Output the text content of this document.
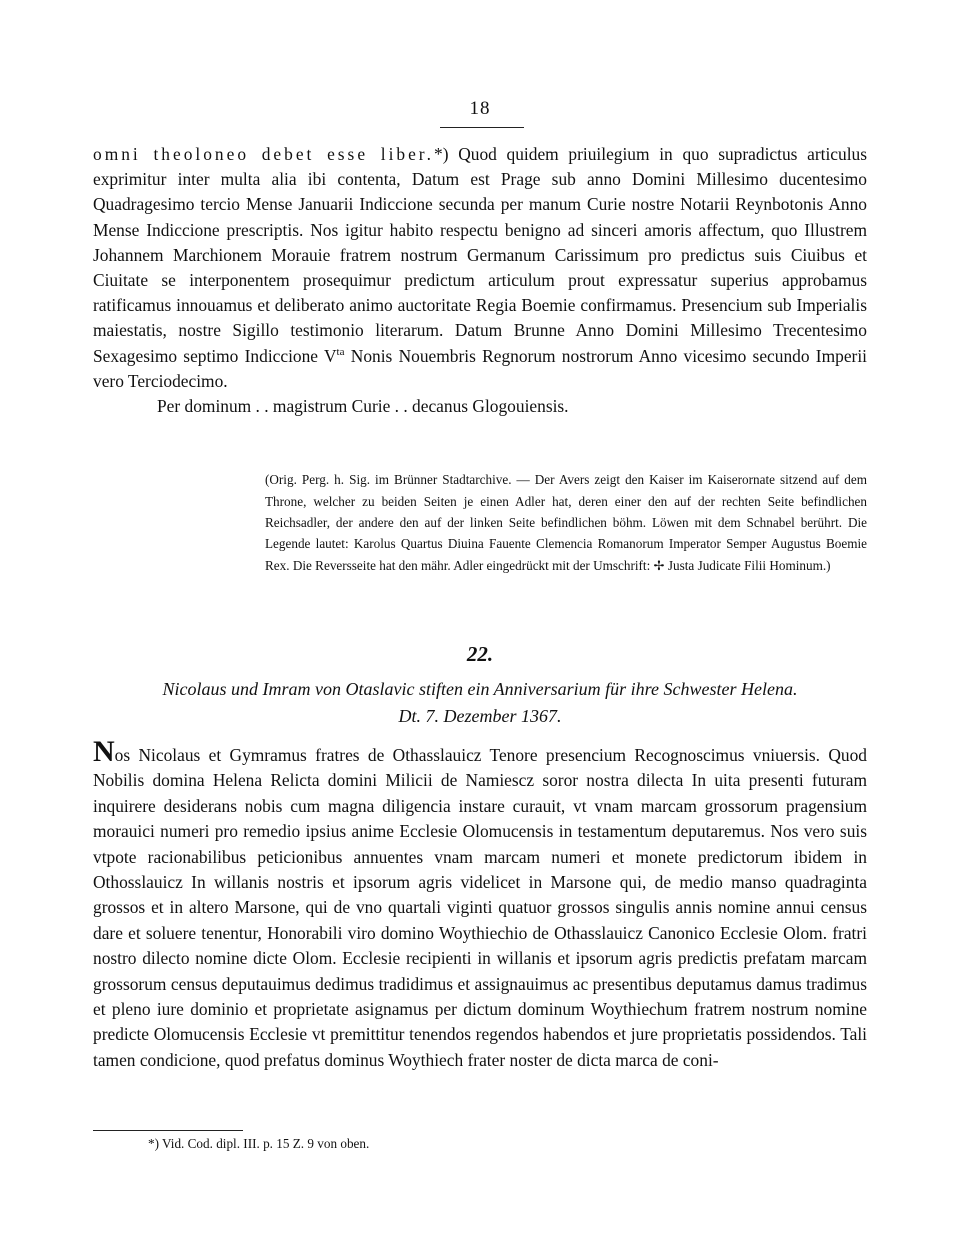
18

omni theoloneo debet esse liber.*) Quod quidem priuilegium in quo supradictus articulus exprimitur inter multa alia ibi contenta, Datum est Prage sub anno Domini Millesimo ducentesimo Quadragesimo tercio Mense Januarii Indiccione secunda per manum Curie nostre Notarii Reynbotonis Anno Mense Indiccione prescriptis. Nos igitur habito respectu benigno ad sinceri amoris affectum, quo Illustrem Johannem Marchionem Morauie fratrem nostrum Germanum Carissimum pro predictus suis Ciuibus et Ciuitate se interponentem prosequimur predictum articulum prout expressatur superius approbamus ratificamus innouamus et deliberato animo auctoritate Regia Boemie confirmamus. Presencium sub Imperialis maiestatis, nostre Sigillo testimonio literarum. Datum Brunne Anno Domini Millesimo Trecentesimo Sexagesimo septimo Indiccione $V^{ta}$ Nonis Nouembris Regnorum nostrorum Anno vicesimo secundo Imperii vero Terciodecimo.

Per dominum . . magistrum Curie . . decanus Glogouiensis.

(Orig. Perg. h. Sig. im Brünner Stadtarchive. — Der Avers zeigt den Kaiser im Kaiserornate sitzend auf dem Throne, welcher zu beiden Seiten je einen Adler hat, deren einer den auf der rechten Seite befindlichen Reichsadler, der andere den auf der linken Seite befindlichen böhm. Löwen mit dem Schnabel berührt. Die Legende lautet: Karolus Quartus Diuina Fauente Clemencia Romanorum Imperator Semper Augustus Boemie Rex. Die Reversseite hat den mähr. Adler eingedrückt mit der Umschrift: ✢ Justa Judicate Filii Hominum.)

22.
Nicolaus und Imram von Otaslavic stiften ein Anniversarium für ihre Schwester Helena.
Dt. 7. Dezember 1367.

Nos Nicolaus et Gymramus fratres de Othasslauicz Tenore presencium Recognoscimus vniuersis. Quod Nobilis domina Helena Relicta domini Milicii de Namiescz soror nostra dilecta In uita presenti futuram inquirere desiderans nobis cum magna diligencia instare curauit, vt vnam marcam grossorum pragensium morauici numeri pro remedio ipsius anime Ecclesie Olomucensis in testamentum deputaremus. Nos vero suis vtpote racionabilibus peticionibus annuentes vnam marcam numeri et monete predictorum ibidem in Othosslauicz In willanis nostris et ipsorum agris videlicet in Marsone qui, de medio manso quadraginta grossos et in altero Marsone, qui de vno quartali viginti quatuor grossos singulis annis nomine annui census dare et soluere tenentur, Honorabili viro domino Woythiechio de Othasslauicz Canonico Ecclesie Olom. fratri nostro dilecto nomine dicte Olom. Ecclesie recipienti in willanis et ipsorum agris predictis prefatam marcam grossorum census deputauimus dedimus tradidimus et assignauimus ac presentibus deputamus damus tradimus et pleno iure dominio et proprietate asignamus per dictum dominum Woythiechum fratrem nostrum nomine predicte Olomucensis Ecclesie vt premittitur tenendos regendos habendos et jure proprietatis possidendos. Tali tamen condicione, quod prefatus dominus Woythiech frater noster de dicta marca de coni-

*) Vid. Cod. dipl. III. p. 15 Z. 9 von oben.
